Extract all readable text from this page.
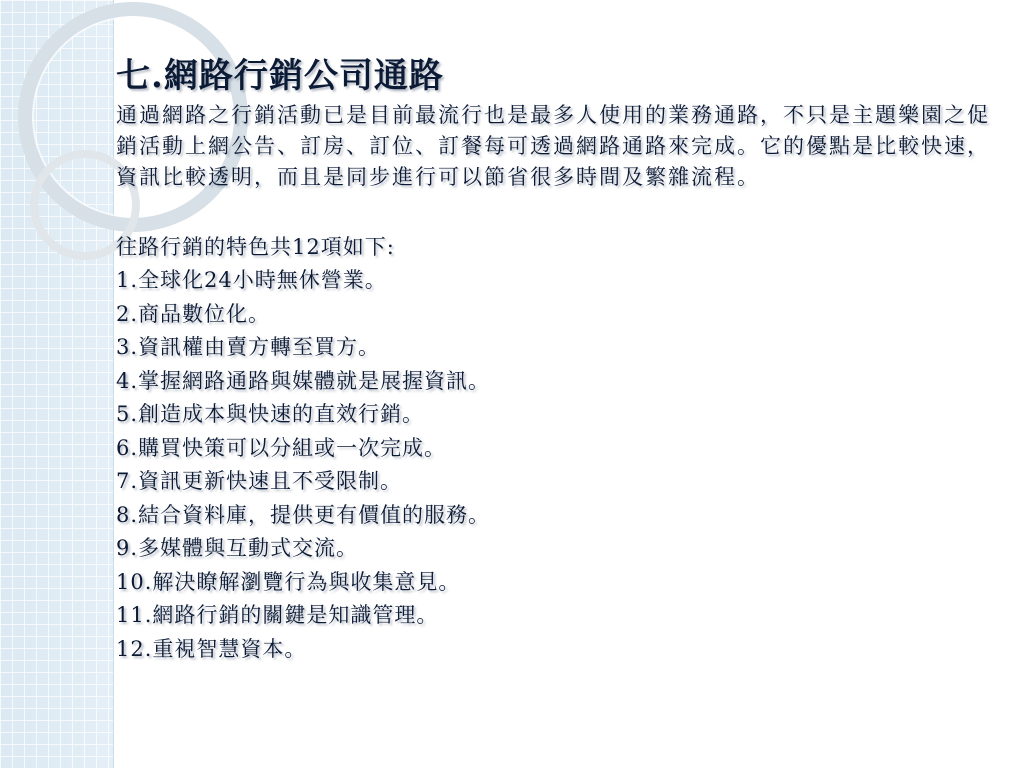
七.網路行銷公司通路

通過網路之行銷活動已是目前最流行也是最多人使用的業務通路，不只是主題樂園之促銷活動上網公告、訂房、訂位、訂餐每可透過網路通路來完成。它的優點是比較快速，資訊比較透明，而且是同步進行可以節省很多時間及繁雜流程。

往路行銷的特色共12項如下:

1.全球化24小時無休營業。
2.商品數位化。
3.資訊權由賣方轉至買方。
4.掌握網路通路與媒體就是展握資訊。
5.創造成本與快速的直效行銷。
6.購買快策可以分組或一次完成。
7.資訊更新快速且不受限制。
8.結合資料庫，提供更有價值的服務。
9.多媒體與互動式交流。
10.解決瞭解瀏覽行為與收集意見。
11.網路行銷的關鍵是知識管理。
12.重視智慧資本。
